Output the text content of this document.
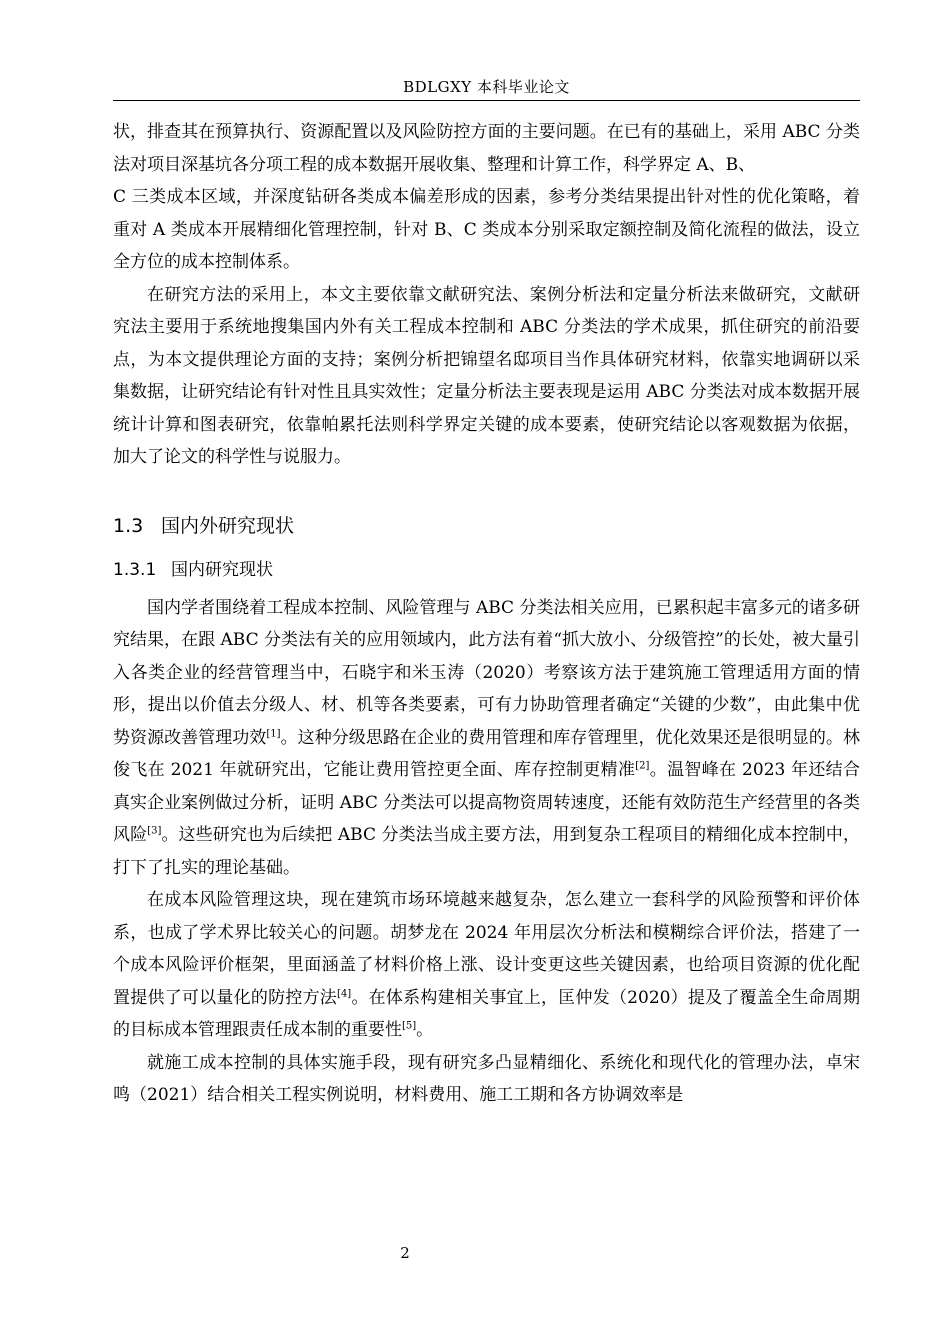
BDLGXY 本科毕业论文

状，排查其在预算执行、资源配置以及风险防控方面的主要问题。在已有的基础上，采用 ABC 分类法对项目深基坑各分项工程的成本数据开展收集、整理和计算工作，科学界定 A、B、

C 三类成本区域，并深度钻研各类成本偏差形成的因素，参考分类结果提出针对性的优化策略，着重对 A 类成本开展精细化管理控制，针对 B、C 类成本分别采取定额控制及简化流程的做法，设立全方位的成本控制体系。

在研究方法的采用上，本文主要依靠文献研究法、案例分析法和定量分析法来做研究，文献研究法主要用于系统地搜集国内外有关工程成本控制和 ABC 分类法的学术成果，抓住研究的前沿要点，为本文提供理论方面的支持；案例分析把锦望名邸项目当作具体研究材料，依靠实地调研以采集数据，让研究结论有针对性且具实效性；定量分析法主要表现是运用 ABC 分类法对成本数据开展统计计算和图表研究，依靠帕累托法则科学界定关键的成本要素，使研究结论以客观数据为依据，加大了论文的科学性与说服力。

1.3 国内外研究现状
1.3.1 国内研究现状

国内学者围绕着工程成本控制、风险管理与 ABC 分类法相关应用，已累积起丰富多元的诸多研究结果，在跟 ABC 分类法有关的应用领域内，此方法有着“抓大放小、分级管控”的长处，被大量引入各类企业的经营管理当中，石晓宇和米玉涛（2020）考察该方法于建筑施工管理适用方面的情形，提出以价值去分级人、材、机等各类要素，可有力协助管理者确定“关键的少数”，由此集中优势资源改善管理功效[1]。这种分级思路在企业的费用管理和库存管理里，优化效果还是很明显的。林俊飞在 2021 年就研究出，它能让费用管控更全面、库存控制更精准[2]。温智峰在 2023 年还结合真实企业案例做过分析，证明 ABC 分类法可以提高物资周转速度，还能有效防范生产经营里的各类风险[3]。这些研究也为后续把 ABC 分类法当成主要方法，用到复杂工程项目的精细化成本控制中，打下了扎实的理论基础。

在成本风险管理这块，现在建筑市场环境越来越复杂，怎么建立一套科学的风险预警和评价体系，也成了学术界比较关心的问题。胡梦龙在 2024 年用层次分析法和模糊综合评价法，搭建了一个成本风险评价框架，里面涵盖了材料价格上涨、设计变更这些关键因素，也给项目资源的优化配置提供了可以量化的防控方法[4]。在体系构建相关事宜上，匡仲发（2020）提及了覆盖全生命周期的目标成本管理跟责任成本制的重要性[5]。

就施工成本控制的具体实施手段，现有研究多凸显精细化、系统化和现代化的管理办法，卓宋鸣（2021）结合相关工程实例说明，材料费用、施工工期和各方协调效率是

2
